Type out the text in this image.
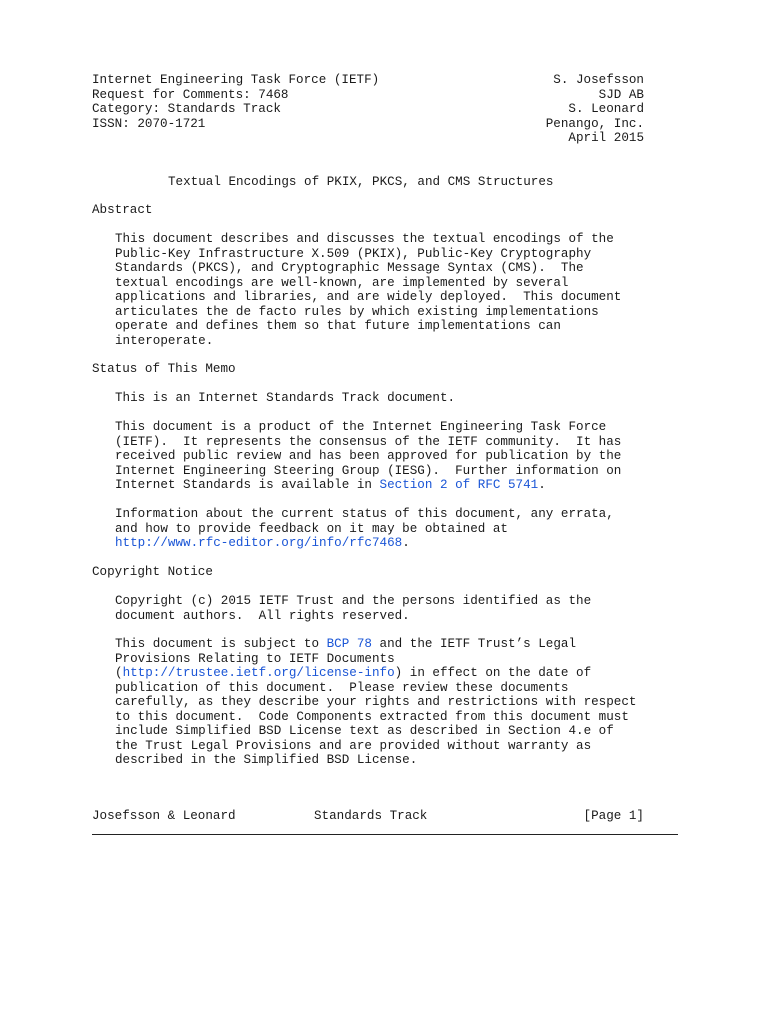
Internet Engineering Task Force (IETF)
Request for Comments: 7468
Category: Standards Track
ISSN: 2070-1721
S. Josefsson
SJD AB
S. Leonard
Penango, Inc.
April 2015
Textual Encodings of PKIX, PKCS, and CMS Structures
Abstract
This document describes and discusses the textual encodings of the
Public-Key Infrastructure X.509 (PKIX), Public-Key Cryptography
Standards (PKCS), and Cryptographic Message Syntax (CMS).  The
textual encodings are well-known, are implemented by several
applications and libraries, and are widely deployed.  This document
articulates the de facto rules by which existing implementations
operate and defines them so that future implementations can
interoperate.
Status of This Memo
This is an Internet Standards Track document.
This document is a product of the Internet Engineering Task Force
(IETF).  It represents the consensus of the IETF community.  It has
received public review and has been approved for publication by the
Internet Engineering Steering Group (IESG).  Further information on
Internet Standards is available in Section 2 of RFC 5741.
Information about the current status of this document, any errata,
and how to provide feedback on it may be obtained at
http://www.rfc-editor.org/info/rfc7468.
Copyright Notice
Copyright (c) 2015 IETF Trust and the persons identified as the
document authors.  All rights reserved.
This document is subject to BCP 78 and the IETF Trust’s Legal
Provisions Relating to IETF Documents
(http://trustee.ietf.org/license-info) in effect on the date of
publication of this document.  Please review these documents
carefully, as they describe your rights and restrictions with respect
to this document.  Code Components extracted from this document must
include Simplified BSD License text as described in Section 4.e of
the Trust Legal Provisions and are provided without warranty as
described in the Simplified BSD License.
Josefsson & Leonard	Standards Track	[Page 1]
